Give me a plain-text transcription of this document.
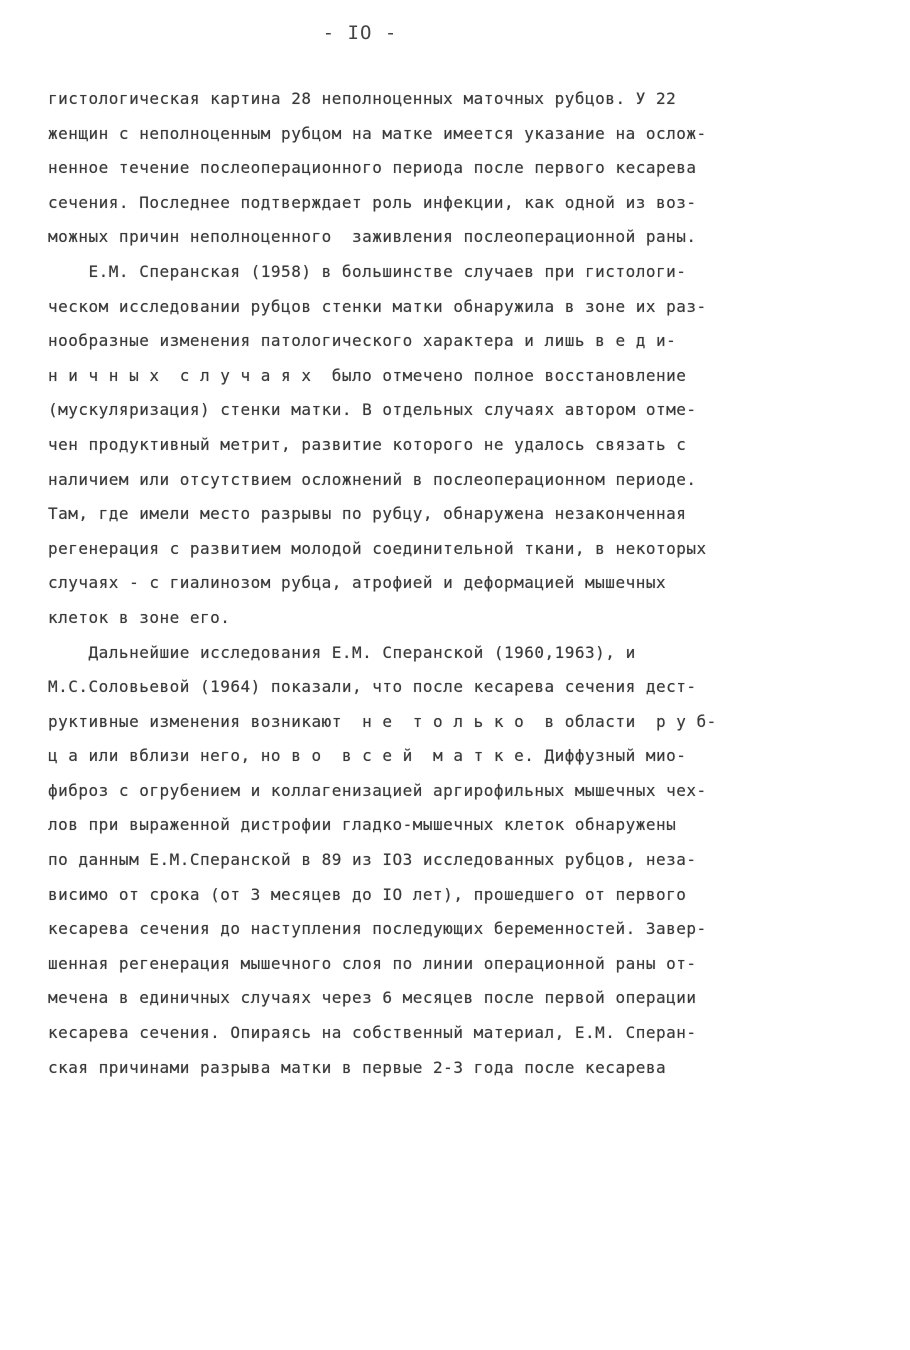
- IO -
гистологическая картина 28 неполноценных маточных рубцов. У 22
женщин с неполноценным рубцом на матке имеется указание на ослож-
ненное течение послеоперационного периода после первого кесарева
сечения. Последнее подтверждает роль инфекции, как одной из воз-
можных причин неполноценного  заживления послеоперационной раны.
Е.М. Сперанская (1958) в большинстве случаев при гистологи-
ческом исследовании рубцов стенки матки обнаружила в зоне их раз-
нообразные изменения патологического характера и лишь в е д и-
н и ч н ы х  с л у ч а я х  было отмечено полное восстановление
(мускуляризация) стенки матки. В отдельных случаях автором отме-
чен продуктивный метрит, развитие которого не удалось связать с
наличием или отсутствием осложнений в послеоперационном периоде.
Там, где имели место разрывы по рубцу, обнаружена незаконченная
регенерация с развитием молодой соединительной ткани, в некоторых
случаях - с гиалинозом рубца, атрофией и деформацией мышечных
клеток в зоне его.
Дальнейшие исследования Е.М. Сперанской (1960,1963), и
М.С.Соловьевой (1964) показали, что после кесарева сечения дест-
руктивные изменения возникают  н е  т о л ь к о  в области  р у б-
ц а или вблизи него, но в о  в с е й  м а т к е. Диффузный мио-
фиброз с огрубением и коллагенизацией аргирофильных мышечных чех-
лов при выраженной дистрофии гладко-мышечных клеток обнаружены
по данным Е.М.Сперанской в 89 из IO3 исследованных рубцов, неза-
висимо от срока (от 3 месяцев до IO лет), прошедшего от первого
кесарева сечения до наступления последующих беременностей. Завер-
шенная регенерация мышечного слоя по линии операционной раны от-
мечена в единичных случаях через 6 месяцев после первой операции
кесарева сечения. Опираясь на собственный материал, Е.М. Сперан-
ская причинами разрыва матки в первые 2-3 года после кесарева
